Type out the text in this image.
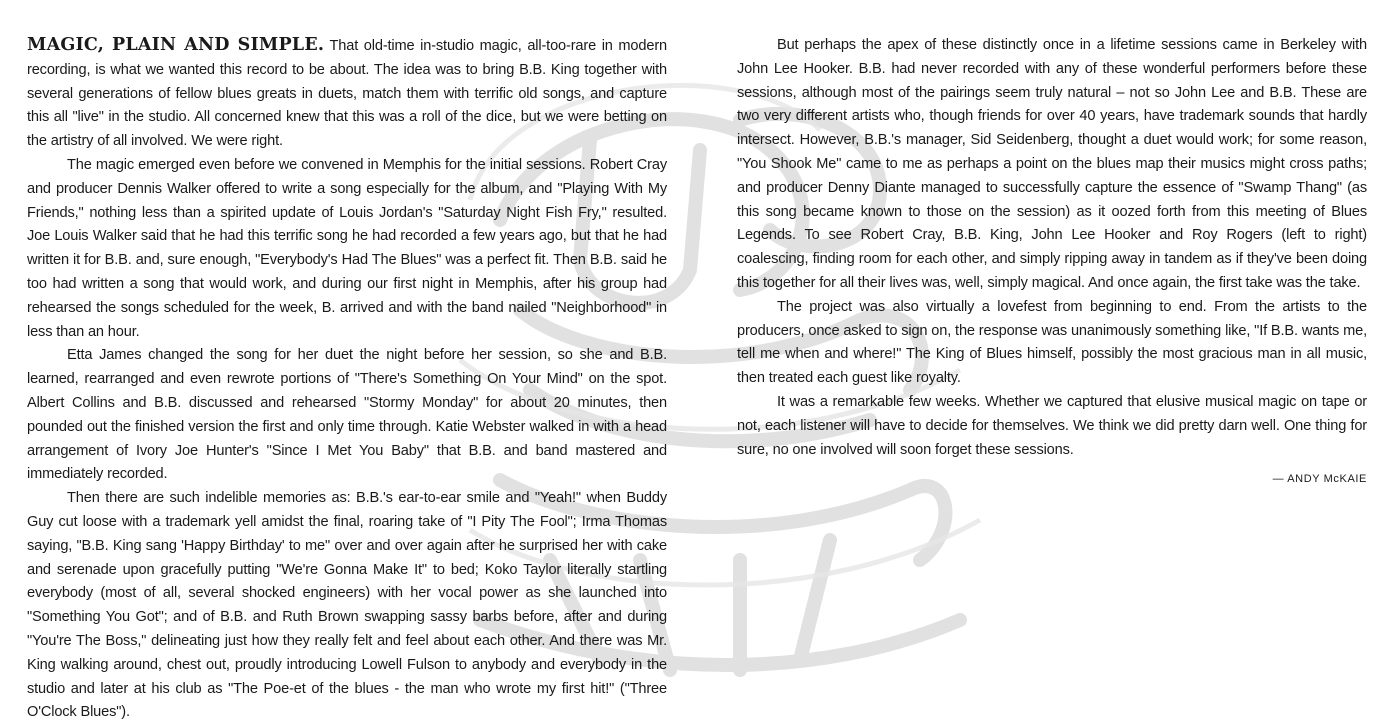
MAGIC, PLAIN AND SIMPLE. That old-time in-studio magic, all-too-rare in modern recording, is what we wanted this record to be about. The idea was to bring B.B. King together with several generations of fellow blues greats in duets, match them with terrific old songs, and capture this all "live" in the studio. All concerned knew that this was a roll of the dice, but we were betting on the artistry of all involved. We were right.

The magic emerged even before we convened in Memphis for the initial sessions. Robert Cray and producer Dennis Walker offered to write a song especially for the album, and "Playing With My Friends," nothing less than a spirited update of Louis Jordan's "Saturday Night Fish Fry," resulted. Joe Louis Walker said that he had this terrific song he had recorded a few years ago, but that he had written it for B.B. and, sure enough, "Everybody's Had The Blues" was a perfect fit. Then B.B. said he too had written a song that would work, and during our first night in Memphis, after his group had rehearsed the songs scheduled for the week, B. arrived and with the band nailed "Neighborhood" in less than an hour.

Etta James changed the song for her duet the night before her session, so she and B.B. learned, rearranged and even rewrote portions of "There's Something On Your Mind" on the spot. Albert Collins and B.B. discussed and rehearsed "Stormy Monday" for about 20 minutes, then pounded out the finished version the first and only time through. Katie Webster walked in with a head arrangement of Ivory Joe Hunter's "Since I Met You Baby" that B.B. and band mastered and immediately recorded.

Then there are such indelible memories as: B.B.'s ear-to-ear smile and "Yeah!" when Buddy Guy cut loose with a trademark yell amidst the final, roaring take of "I Pity The Fool"; Irma Thomas saying, "B.B. King sang 'Happy Birthday' to me" over and over again after he surprised her with cake and serenade upon gracefully putting "We're Gonna Make It" to bed; Koko Taylor literally startling everybody (most of all, several shocked engineers) with her vocal power as she launched into "Something You Got"; and of B.B. and Ruth Brown swapping sassy barbs before, after and during "You're The Boss," delineating just how they really felt and feel about each other. And there was Mr. King walking around, chest out, proudly introducing Lowell Fulson to anybody and everybody in the studio and later at his club as "The Poe-et of the blues - the man who wrote my first hit!" ("Three O'Clock Blues").

But perhaps the apex of these distinctly once in a lifetime sessions came in Berkeley with John Lee Hooker. B.B. had never recorded with any of these wonderful performers before these sessions, although most of the pairings seem truly natural – not so John Lee and B.B. These are two very different artists who, though friends for over 40 years, have trademark sounds that hardly intersect. However, B.B.'s manager, Sid Seidenberg, thought a duet would work; for some reason, "You Shook Me" came to me as perhaps a point on the blues map their musics might cross paths; and producer Denny Diante managed to successfully capture the essence of "Swamp Thang" (as this song became known to those on the session) as it oozed forth from this meeting of Blues Legends. To see Robert Cray, B.B. King, John Lee Hooker and Roy Rogers (left to right) coalescing, finding room for each other, and simply ripping away in tandem as if they've been doing this together for all their lives was, well, simply magical. And once again, the first take was the take.

The project was also virtually a lovefest from beginning to end. From the artists to the producers, once asked to sign on, the response was unanimously something like, "If B.B. wants me, tell me when and where!" The King of Blues himself, possibly the most gracious man in all music, then treated each guest like royalty.

It was a remarkable few weeks. Whether we captured that elusive musical magic on tape or not, each listener will have to decide for themselves. We think we did pretty darn well. One thing for sure, no one involved will soon forget these sessions.

— ANDY McKAIE
